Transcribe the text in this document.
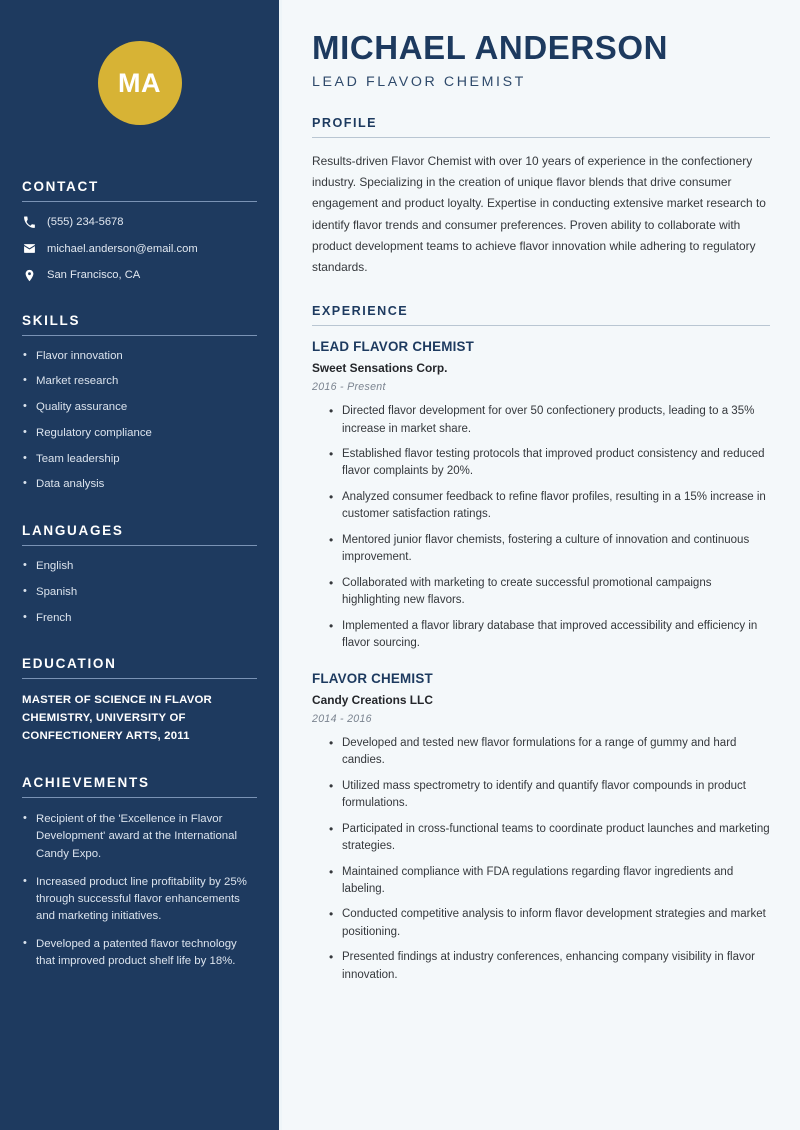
MA
CONTACT
(555) 234-5678
michael.anderson@email.com
San Francisco, CA
SKILLS
• Flavor innovation
• Market research
• Quality assurance
• Regulatory compliance
• Team leadership
• Data analysis
LANGUAGES
• English
• Spanish
• French
EDUCATION
MASTER OF SCIENCE IN FLAVOR CHEMISTRY, UNIVERSITY OF CONFECTIONERY ARTS, 2011
ACHIEVEMENTS
• Recipient of the 'Excellence in Flavor Development' award at the International Candy Expo.
• Increased product line profitability by 25% through successful flavor enhancements and marketing initiatives.
• Developed a patented flavor technology that improved product shelf life by 18%.
MICHAEL ANDERSON
LEAD FLAVOR CHEMIST
PROFILE

Results-driven Flavor Chemist with over 10 years of experience in the confectionery industry. Specializing in the creation of unique flavor blends that drive consumer engagement and product loyalty. Expertise in conducting extensive market research to identify flavor trends and consumer preferences. Proven ability to collaborate with product development teams to achieve flavor innovation while adhering to regulatory standards.

EXPERIENCE
LEAD FLAVOR CHEMIST
Sweet Sensations Corp.
2016 - Present
• Directed flavor development for over 50 confectionery products, leading to a 35% increase in market share.
• Established flavor testing protocols that improved product consistency and reduced flavor complaints by 20%.
• Analyzed consumer feedback to refine flavor profiles, resulting in a 15% increase in customer satisfaction ratings.
• Mentored junior flavor chemists, fostering a culture of innovation and continuous improvement.
• Collaborated with marketing to create successful promotional campaigns highlighting new flavors.
• Implemented a flavor library database that improved accessibility and efficiency in flavor sourcing.
FLAVOR CHEMIST
Candy Creations LLC
2014 - 2016
• Developed and tested new flavor formulations for a range of gummy and hard candies.
• Utilized mass spectrometry to identify and quantify flavor compounds in product formulations.
• Participated in cross-functional teams to coordinate product launches and marketing strategies.
• Maintained compliance with FDA regulations regarding flavor ingredients and labeling.
• Conducted competitive analysis to inform flavor development strategies and market positioning.
• Presented findings at industry conferences, enhancing company visibility in flavor innovation.
